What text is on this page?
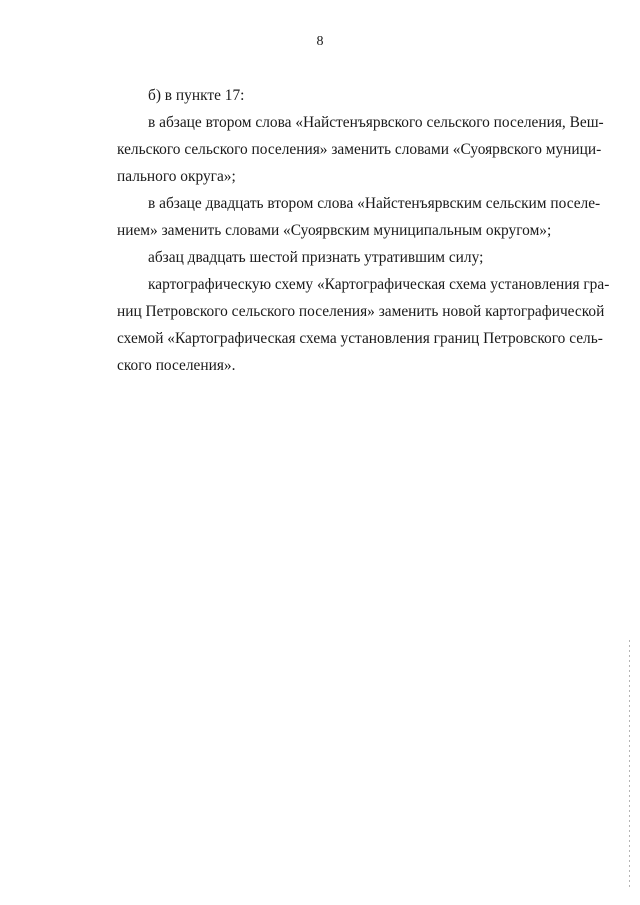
8
б) в пункте 17:
в абзаце втором слова «Найстенъярвского сельского поселения, Веш-
кельского сельского поселения» заменить словами «Суоярвского муници-
пального округа»;
в абзаце двадцать втором слова «Найстенъярвским сельским поселе-
нием» заменить словами «Суоярвским муниципальным округом»;
абзац двадцать шестой признать утратившим силу;
картографическую схему «Картографическая схема установления гра-
ниц Петровского сельского поселения» заменить новой картографической
схемой «Картографическая схема установления границ Петровского сель-
ского поселения».
